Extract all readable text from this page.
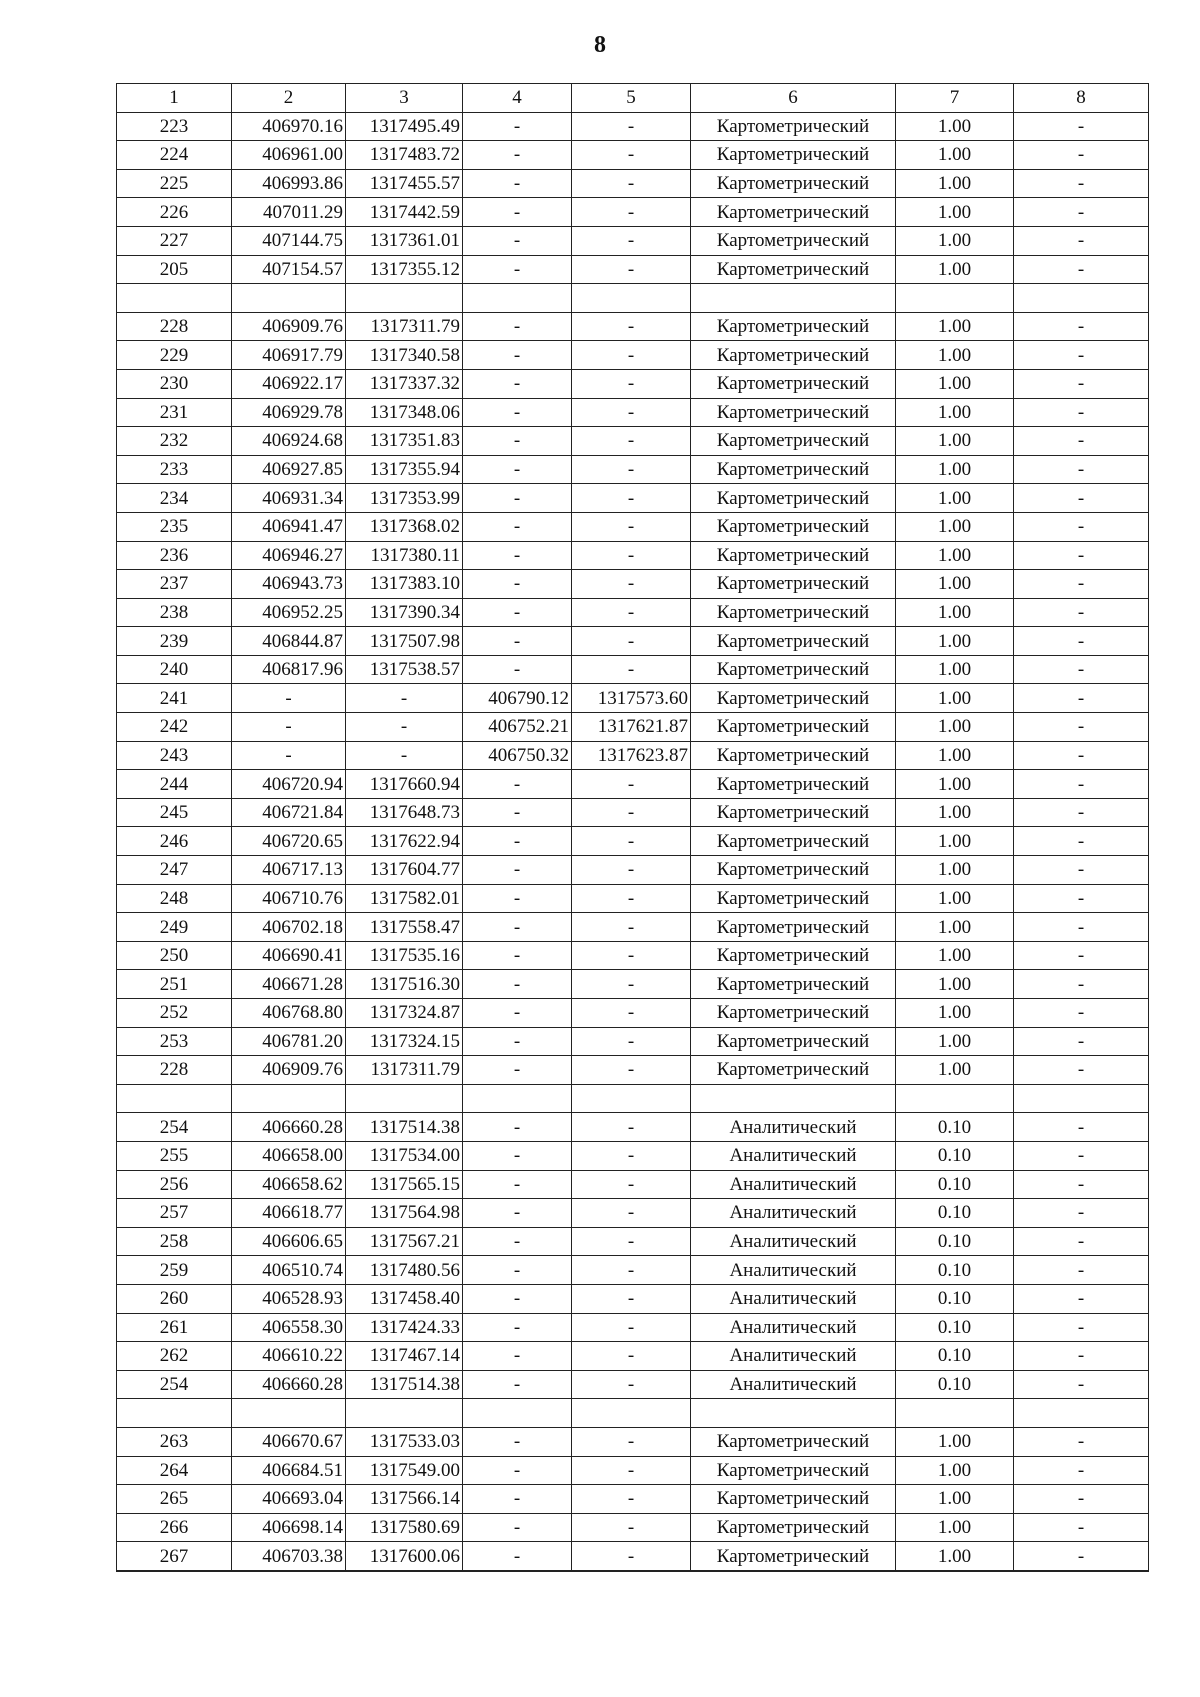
8
1	2	3	4	5	6	7	8
223	406970.16	1317495.49	-	-	Картометрический	1.00	-
224	406961.00	1317483.72	-	-	Картометрический	1.00	-
225	406993.86	1317455.57	-	-	Картометрический	1.00	-
226	407011.29	1317442.59	-	-	Картометрический	1.00	-
227	407144.75	1317361.01	-	-	Картометрический	1.00	-
205	407154.57	1317355.12	-	-	Картометрический	1.00	-

228	406909.76	1317311.79	-	-	Картометрический	1.00	-
229	406917.79	1317340.58	-	-	Картометрический	1.00	-
230	406922.17	1317337.32	-	-	Картометрический	1.00	-
231	406929.78	1317348.06	-	-	Картометрический	1.00	-
232	406924.68	1317351.83	-	-	Картометрический	1.00	-
233	406927.85	1317355.94	-	-	Картометрический	1.00	-
234	406931.34	1317353.99	-	-	Картометрический	1.00	-
235	406941.47	1317368.02	-	-	Картометрический	1.00	-
236	406946.27	1317380.11	-	-	Картометрический	1.00	-
237	406943.73	1317383.10	-	-	Картометрический	1.00	-
238	406952.25	1317390.34	-	-	Картометрический	1.00	-
239	406844.87	1317507.98	-	-	Картометрический	1.00	-
240	406817.96	1317538.57	-	-	Картометрический	1.00	-
241	-	-	406790.12	1317573.60	Картометрический	1.00	-
242	-	-	406752.21	1317621.87	Картометрический	1.00	-
243	-	-	406750.32	1317623.87	Картометрический	1.00	-
244	406720.94	1317660.94	-	-	Картометрический	1.00	-
245	406721.84	1317648.73	-	-	Картометрический	1.00	-
246	406720.65	1317622.94	-	-	Картометрический	1.00	-
247	406717.13	1317604.77	-	-	Картометрический	1.00	-
248	406710.76	1317582.01	-	-	Картометрический	1.00	-
249	406702.18	1317558.47	-	-	Картометрический	1.00	-
250	406690.41	1317535.16	-	-	Картометрический	1.00	-
251	406671.28	1317516.30	-	-	Картометрический	1.00	-
252	406768.80	1317324.87	-	-	Картометрический	1.00	-
253	406781.20	1317324.15	-	-	Картометрический	1.00	-
228	406909.76	1317311.79	-	-	Картометрический	1.00	-

254	406660.28	1317514.38	-	-	Аналитический	0.10	-
255	406658.00	1317534.00	-	-	Аналитический	0.10	-
256	406658.62	1317565.15	-	-	Аналитический	0.10	-
257	406618.77	1317564.98	-	-	Аналитический	0.10	-
258	406606.65	1317567.21	-	-	Аналитический	0.10	-
259	406510.74	1317480.56	-	-	Аналитический	0.10	-
260	406528.93	1317458.40	-	-	Аналитический	0.10	-
261	406558.30	1317424.33	-	-	Аналитический	0.10	-
262	406610.22	1317467.14	-	-	Аналитический	0.10	-
254	406660.28	1317514.38	-	-	Аналитический	0.10	-

263	406670.67	1317533.03	-	-	Картометрический	1.00	-
264	406684.51	1317549.00	-	-	Картометрический	1.00	-
265	406693.04	1317566.14	-	-	Картометрический	1.00	-
266	406698.14	1317580.69	-	-	Картометрический	1.00	-
267	406703.38	1317600.06	-	-	Картометрический	1.00	-
